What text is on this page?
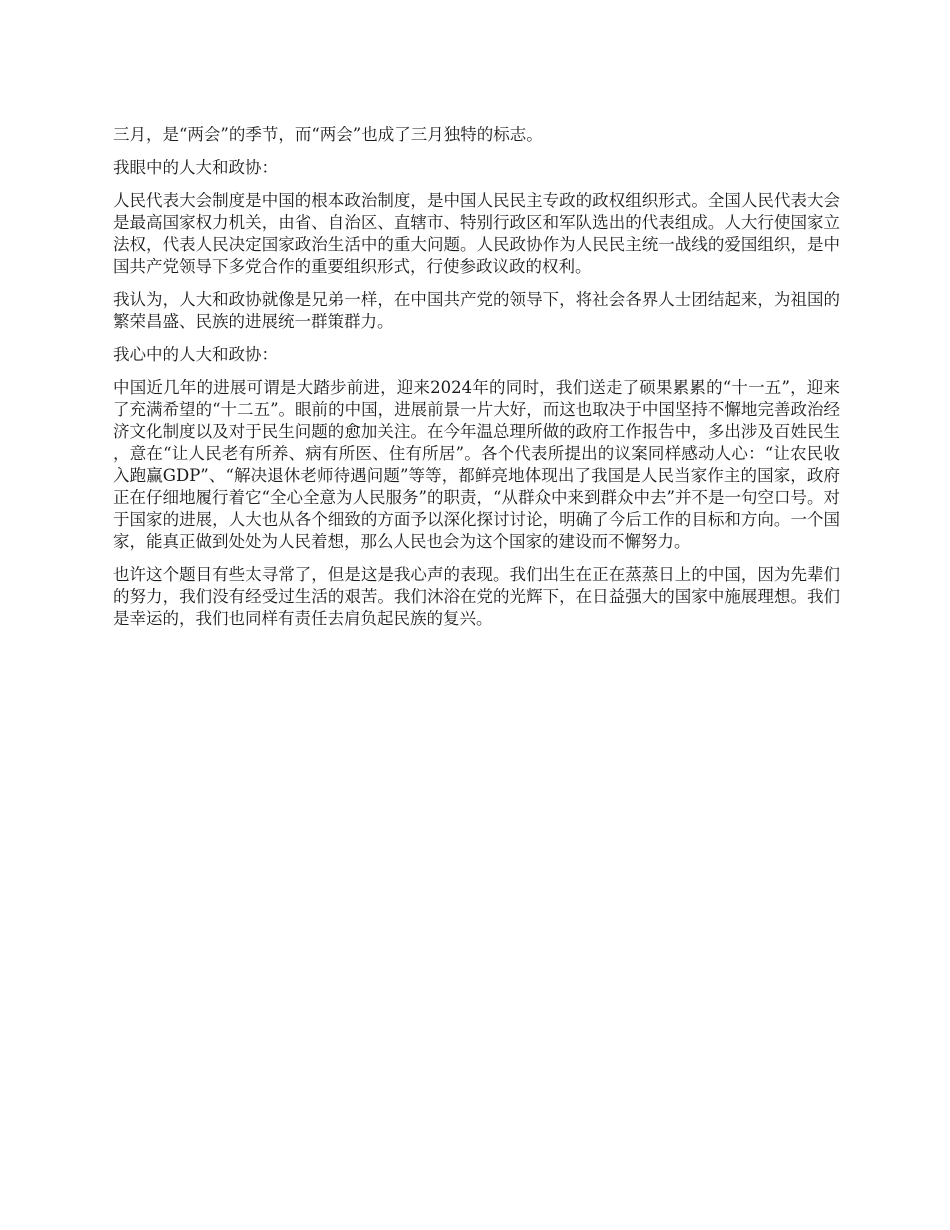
三月，是“两会”的季节，而“两会”也成了三月独特的标志。

我眼中的人大和政协：

人民代表大会制度是中国的根本政治制度，是中国人民民主专政的政权组织形式。全国人民代表大会是最高国家权力机关，由省、自治区、直辖市、特别行政区和军队选出的代表组成。人大行使国家立法权，代表人民决定国家政治生活中的重大问题。人民政协作为人民民主统一战线的爱国组织，是中国共产党领导下多党合作的重要组织形式，行使参政议政的权利。

我认为，人大和政协就像是兄弟一样，在中国共产党的领导下，将社会各界人士团结起来，为祖国的繁荣昌盛、民族的进展统一群策群力。

我心中的人大和政协：

中国近几年的进展可谓是大踏步前进，迎来2024年的同时，我们送走了硕果累累的“十一五”，迎来了充满希望的“十二五”。眼前的中国，进展前景一片大好，而这也取决于中国坚持不懈地完善政治经济文化制度以及对于民生问题的愈加关注。在今年温总理所做的政府工作报告中，多出涉及百姓民生，意在“让人民老有所养、病有所医、住有所居”。各个代表所提出的议案同样感动人心：“让农民收入跑赢GDP”、“解决退休老师待遇问题”等等，都鲜亮地体现出了我国是人民当家作主的国家，政府正在仔细地履行着它“全心全意为人民服务”的职责，“从群众中来到群众中去”并不是一句空口号。对于国家的进展，人大也从各个细致的方面予以深化探讨讨论，明确了今后工作的目标和方向。一个国家，能真正做到处处为人民着想，那么人民也会为这个国家的建设而不懈努力。

也许这个题目有些太寻常了，但是这是我心声的表现。我们出生在正在蒸蒸日上的中国，因为先辈们的努力，我们没有经受过生活的艰苦。我们沐浴在党的光辉下，在日益强大的国家中施展理想。我们是幸运的，我们也同样有责任去肩负起民族的复兴。
